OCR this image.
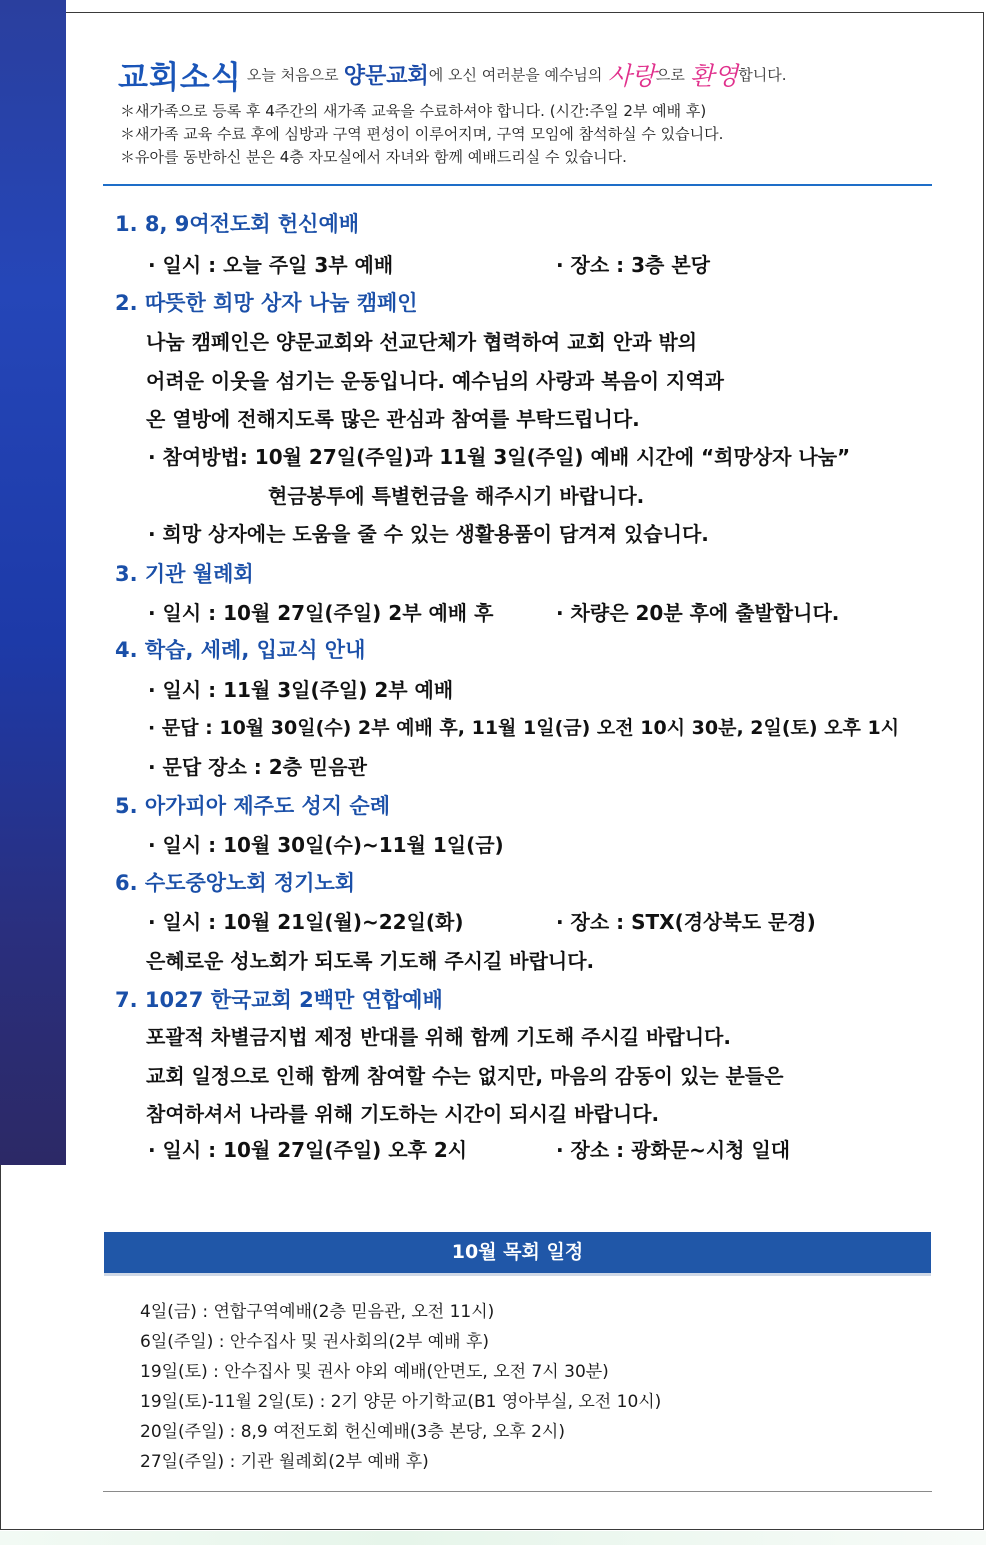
교회소식 오늘 처음으로 양문교회에 오신 여러분을 예수님의 사랑으로 환영합니다.
＊새가족으로 등록 후 4주간의 새가족 교육을 수료하셔야 합니다. (시간:주일 2부 예배 후)
＊새가족 교육 수료 후에 심방과 구역 편성이 이루어지며, 구역 모임에 참석하실 수 있습니다.
＊유아를 동반하신 분은 4층 자모실에서 자녀와 함께 예배드리실 수 있습니다.
1. 8, 9여전도회 헌신예배
· 일시 : 오늘 주일 3부 예배	· 장소 : 3층 본당
2. 따뜻한 희망 상자 나눔 캠페인
나눔 캠페인은 양문교회와 선교단체가 협력하여 교회 안과 밖의
어려운 이웃을 섬기는 운동입니다. 예수님의 사랑과 복음이 지역과
온 열방에 전해지도록 많은 관심과 참여를 부탁드립니다.
· 참여방법: 10월 27일(주일)과 11월 3일(주일) 예배 시간에 “희망상자 나눔”
현금봉투에 특별헌금을 해주시기 바랍니다.
· 희망 상자에는 도움을 줄 수 있는 생활용품이 담겨져 있습니다.
3. 기관 월례회
· 일시 : 10월 27일(주일) 2부 예배 후	· 차량은 20분 후에 출발합니다.
4. 학습, 세례, 입교식 안내
· 일시 : 11월 3일(주일) 2부 예배
· 문답 : 10월 30일(수) 2부 예배 후, 11월 1일(금) 오전 10시 30분, 2일(토) 오후 1시
· 문답 장소 : 2층 믿음관
5. 아가피아 제주도 성지 순례
· 일시 : 10월 30일(수)~11월 1일(금)
6. 수도중앙노회 정기노회
· 일시 : 10월 21일(월)~22일(화)	· 장소 : STX(경상북도 문경)
은혜로운 성노회가 되도록 기도해 주시길 바랍니다.
7. 1027 한국교회 2백만 연합예배
포괄적 차별금지법 제정 반대를 위해 함께 기도해 주시길 바랍니다.
교회 일정으로 인해 함께 참여할 수는 없지만, 마음의 감동이 있는 분들은
참여하셔서 나라를 위해 기도하는 시간이 되시길 바랍니다.
· 일시 : 10월 27일(주일) 오후 2시	· 장소 : 광화문~시청 일대
10월 목회 일정
4일(금) : 연합구역예배(2층 믿음관, 오전 11시)
6일(주일) : 안수집사 및 권사회의(2부 예배 후)
19일(토) : 안수집사 및 권사 야외 예배(안면도, 오전 7시 30분)
19일(토)-11월 2일(토) : 2기 양문 아기학교(B1 영아부실, 오전 10시)
20일(주일) : 8,9 여전도회 헌신예배(3층 본당, 오후 2시)
27일(주일) : 기관 월례회(2부 예배 후)
